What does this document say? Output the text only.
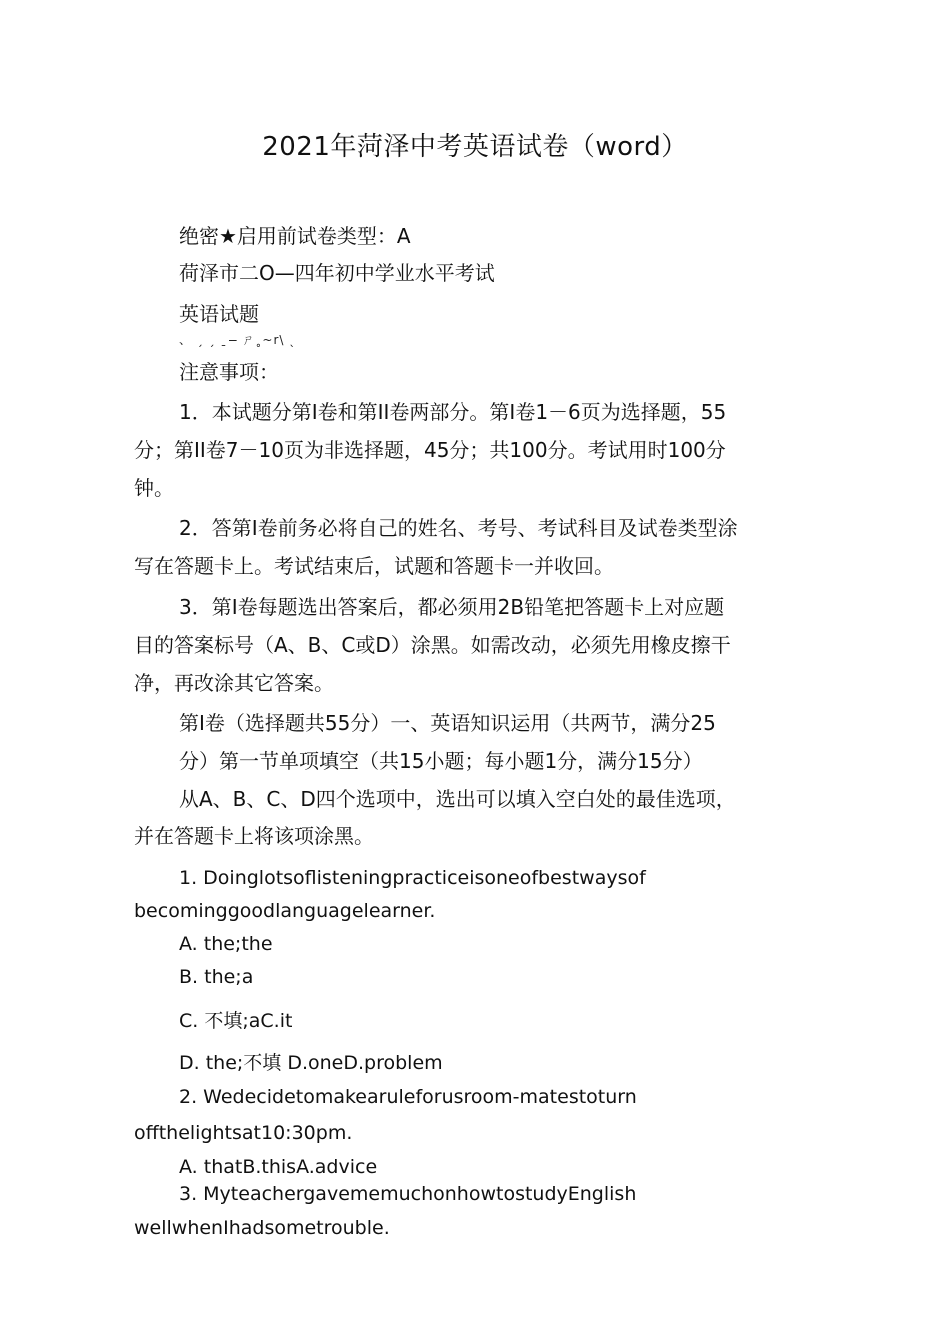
2021年菏泽中考英语试卷（word）
绝密★启用前试卷类型：A
荷泽市二O—四年初中学业水平考试
英语试题
、 ˏ ˏ ˍ -̶ ㄕ˳~r\ ˎ
注意事项：
1．本试题分第I卷和第II卷两部分。第I卷1－6页为选择题，55
分；第II卷7－10页为非选择题，45分；共100分。考试用时100分
钟。
2．答第I卷前务必将自己的姓名、考号、考试科目及试卷类型涂
写在答题卡上。考试结束后，试题和答题卡一并收回。
3．第I卷每题选出答案后，都必须用2B铅笔把答题卡上对应题
目的答案标号（A、B、C或D）涂黑。如需改动，必须先用橡皮擦干
净，再改涂其它答案。
第I卷（选择题共55分）一、英语知识运用（共两节，满分25
分）第一节单项填空（共15小题；每小题1分，满分15分）
从A、B、C、D四个选项中，选出可以填入空白处的最佳选项，
并在答题卡上将该项涂黑。
1. Doinglotsoflisteningpracticeisoneofbestwaysof
becominggoodlanguagelearner.
A. the;the
B. the;a
C. 不填;aC.it
D. the;不填 D.oneD.problem
2. Wedecidetomakearuleforusroom-matestoturn
offthelightsat10:30pm.
A. thatB.thisA.advice
3. MyteachergavememuchonhowtostudyEnglish
wellwhenIhadsometrouble.
